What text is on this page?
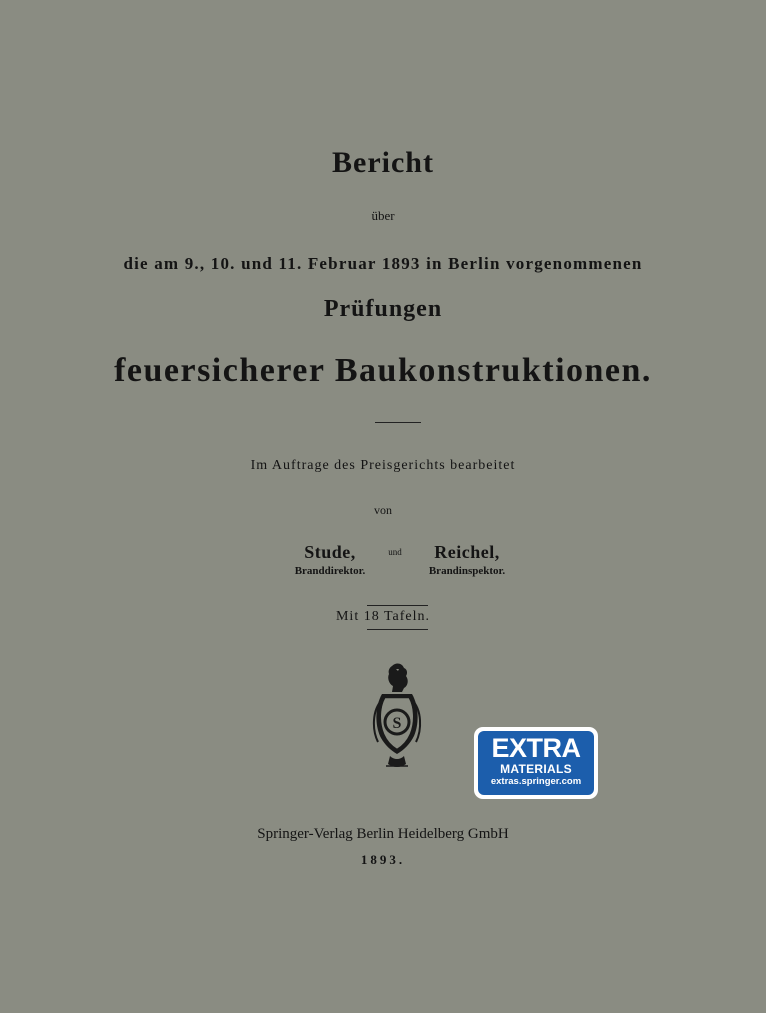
Bericht
über
die am 9., 10. und 11. Februar 1893 in Berlin vorgenommenen
Prüfungen
feuersicherer Baukonstruktionen.
Im Auftrage des Preisgerichts bearbeitet
von
Stude,
Branddirektor.
und	Reichel,
Brandinspektor.
Mit 18 Tafeln.
S
EXTRA
MATERIALS
extras.springer.com
Springer-Verlag Berlin Heidelberg GmbH
1893.
